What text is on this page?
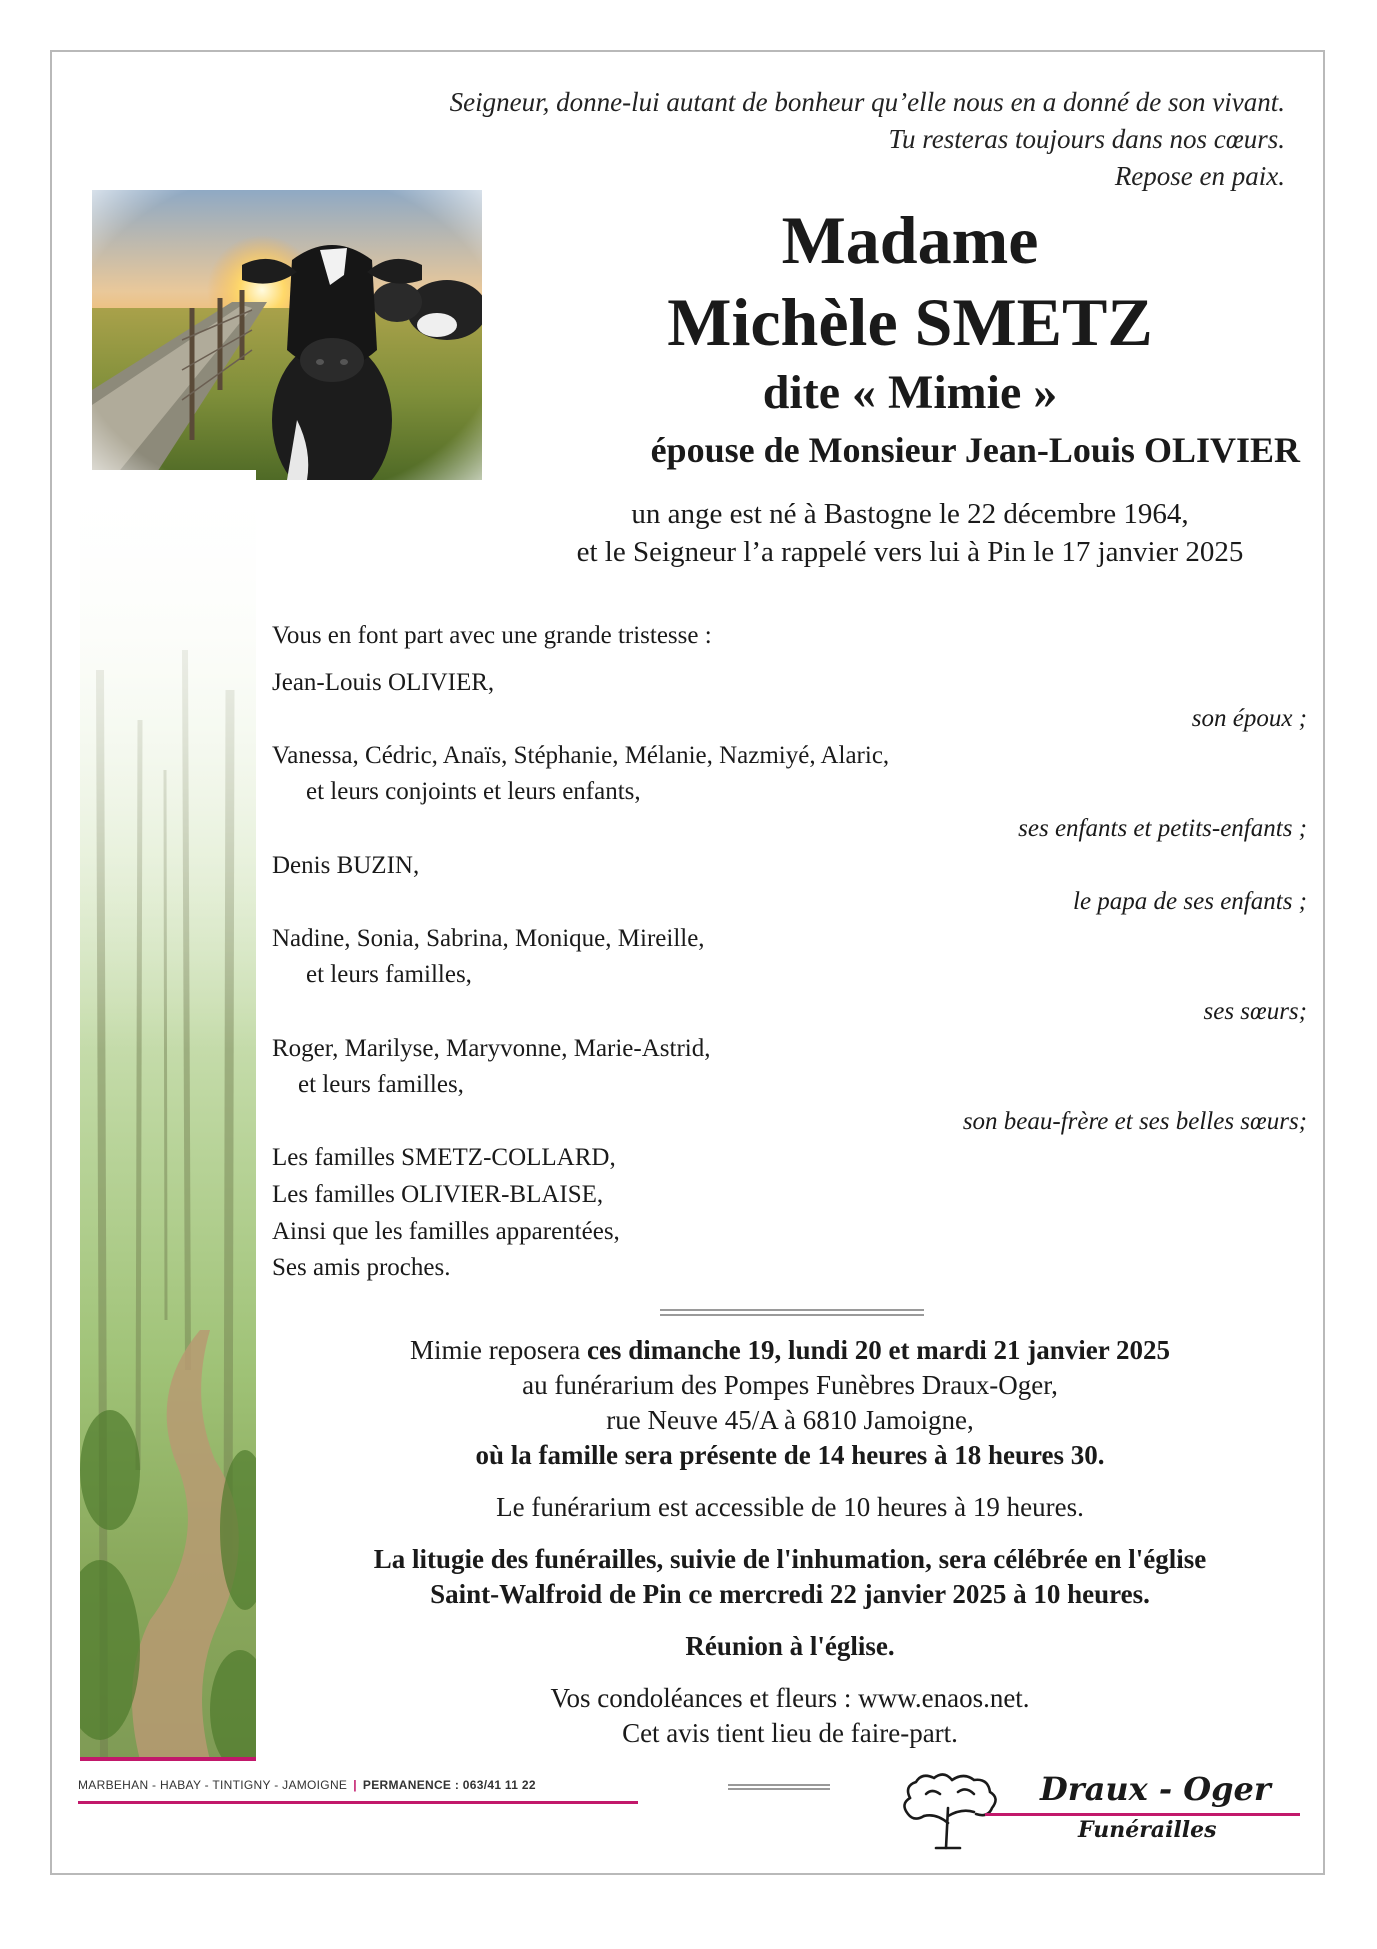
Seigneur, donne-lui autant de bonheur qu’elle nous en a donné de son vivant.
Tu resteras toujours dans nos cœurs.
Repose en paix.
Madame
Michèle SMETZ
dite « Mimie »
épouse de Monsieur Jean-Louis OLIVIER
un ange est né à Bastogne le 22 décembre 1964,
et le Seigneur l’a rappelé vers lui à Pin le 17 janvier 2025
Vous en font part avec une grande tristesse :
Jean-Louis OLIVIER,
son époux ;
Vanessa, Cédric, Anaïs, Stéphanie, Mélanie, Nazmiyé, Alaric,
et leurs conjoints et leurs enfants,
ses enfants et petits-enfants ;
Denis BUZIN,
le papa de ses enfants ;
Nadine, Sonia, Sabrina, Monique, Mireille,
et leurs familles,
ses sœurs;
Roger, Marilyse, Maryvonne, Marie-Astrid,
et leurs familles,
son beau-frère et ses belles sœurs;
Les familles SMETZ-COLLARD,
Les familles OLIVIER-BLAISE,
Ainsi que les familles apparentées,
Ses amis proches.
Mimie reposera ces dimanche 19, lundi 20 et mardi 21 janvier 2025
au funérarium des Pompes Funèbres Draux-Oger,
rue Neuve 45/A à 6810 Jamoigne,
où la famille sera présente de 14 heures à 18 heures 30.
Le funérarium est accessible de 10 heures à 19 heures.
La litugie des funérailles, suivie de l'inhumation, sera célébrée en l'église
Saint-Walfroid de Pin ce mercredi 22 janvier 2025 à 10 heures.
Réunion à l'église.
Vos condoléances et fleurs : www.enaos.net.
Cet avis tient lieu de faire-part.
MARBEHAN - HABAY - TINTIGNY - JAMOIGNE | PERMANENCE : 063/41 11 22	Draux - Oger
Funérailles
